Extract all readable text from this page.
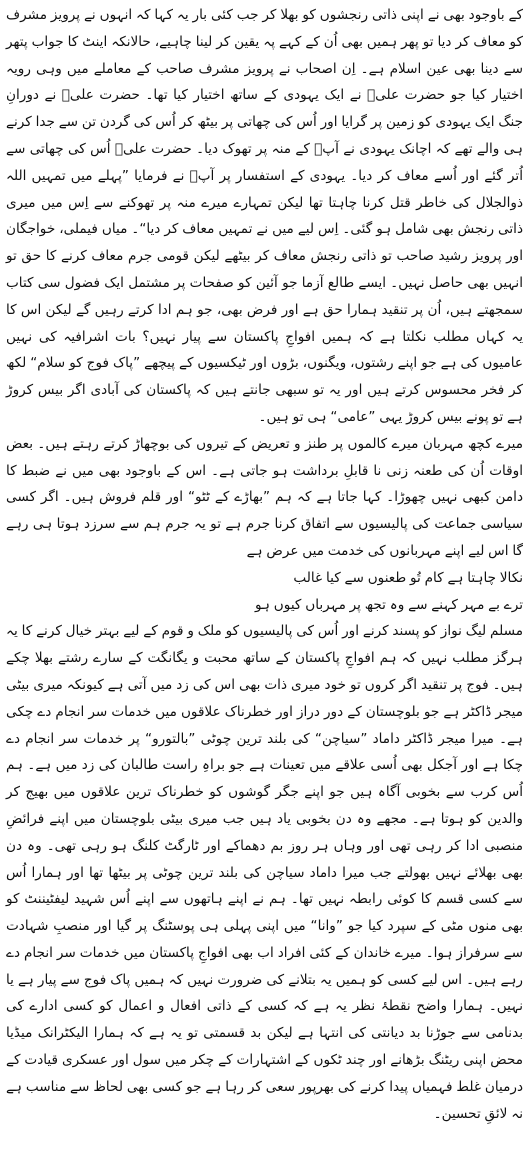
کے باوجود بھی نے اپنی ذاتی رنجشوں کو بھلا کر جب کئی بار یہ کہا کہ انہوں نے پرویز مشرف کو معاف کر دیا تو پھر ہمیں بھی اُن کے کہے پہ یقین کر لینا چاہیے، حالانکہ اینٹ کا جواب پتھر سے دینا بھی عین اسلام ہے۔ اِن اصحاب نے پرویز مشرف صاحب کے معاملے میں وہی رویہ اختیار کیا جو حضرت علیؓ نے ایک یہودی کے ساتھ اختیار کیا تھا۔ حضرت علیؓ نے دورانِ جنگ ایک یہودی کو زمین پر گرایا اور اُس کی چھاتی پر بیٹھ کر اُس کی گردن تن سے جدا کرنے ہی والے تھے کہ اچانک یہودی نے آپؓ کے منہ پر تھوک دیا۔ حضرت علیؓ اُس کی چھاتی سے اُتر گئے اور اُسے معاف کر دیا۔ یہودی کے استفسار پر آپؓ نے فرمایا ”پہلے میں تمہیں اللہ ذوالجلال کی خاطر قتل کرنا چاہتا تھا لیکن تمہارے میرے منہ پر تھوکنے سے اِس میں میری ذاتی رنجش بھی شامل ہو گئی۔ اِس لیے میں نے تمہیں معاف کر دیا“۔ میاں فیملی، خواجگان اور پرویز رشید صاحب تو ذاتی رنجش معاف کر بیٹھے لیکن قومی جرم معاف کرنے کا حق تو انہیں بھی حاصل نہیں۔ ایسے طالع آزما جو آئین کو صفحات پر مشتمل ایک فضول سی کتاب سمجھتے ہیں، اُن پر تنقید ہمارا حق ہے اور فرض بھی، جو ہم ادا کرتے رہیں گے لیکن اس کا یہ کہاں مطلب نکلتا ہے کہ ہمیں افواجِ پاکستان سے پیار نہیں؟ بات اشرافیہ کی نہیں عامیوں کی ہے جو اپنے رشتوں، ویگنوں، بڑوں اور ٹیکسیوں کے پیچھے ”پاک فوج کو سلام“ لکھ کر فخر محسوس کرتے ہیں اور یہ تو سبھی جانتے ہیں کہ پاکستان کی آبادی اگر بیس کروڑ ہے تو پونے بیس کروڑ یہی ”عامی“ ہی تو ہیں۔

میرے کچھ مہربان میرے کالموں پر طنز و تعریض کے تیروں کی بوچھاڑ کرتے رہتے ہیں۔ بعض اوقات اُن کی طعنہ زنی نا قابلِ برداشت ہو جاتی ہے۔ اس کے باوجود بھی میں نے ضبط کا دامن کبھی نہیں چھوڑا۔ کہا جاتا ہے کہ ہم ”بھاڑے کے ٹٹو“ اور قلم فروش ہیں۔ اگر کسی سیاسی جماعت کی پالیسیوں سے اتفاق کرنا جرم ہے تو یہ جرم ہم سے سرزد ہوتا ہی رہے گا اس لیے اپنے مہربانوں کی خدمت میں عرض ہے

نکالا چاہتا ہے کام تُو طعنوں سے کیا غالب
ترے بے مہر کہنے سے وہ تجھ پر مہرباں کیوں ہو

مسلم لیگ نواز کو پسند کرنے اور اُس کی پالیسیوں کو ملک و قوم کے لیے بہتر خیال کرنے کا یہ ہرگز مطلب نہیں کہ ہم افواجِ پاکستان کے ساتھ محبت و یگانگت کے سارے رشتے بھلا چکے ہیں۔ فوج پر تنقید اگر کروں تو خود میری ذات بھی اس کی زد میں آتی ہے کیونکہ میری بیٹی میجر ڈاکٹر ہے جو بلوچستان کے دور دراز اور خطرناک علاقوں میں خدمات سر انجام دے چکی ہے۔ میرا میجر ڈاکٹر داماد ”سیاچن“ کی بلند ترین چوٹی ”بالتورو“ پر خدمات سر انجام دے چکا ہے اور آجکل بھی اُسی علاقے میں تعینات ہے جو براہِ راست طالبان کی زد میں ہے۔ ہم اُس کرب سے بخوبی آگاہ ہیں جو اپنے جگر گوشوں کو خطرناک ترین علاقوں میں بھیج کر والدین کو ہوتا ہے۔ مجھے وہ دن بخوبی یاد ہیں جب میری بیٹی بلوچستان میں اپنے فرائضِ منصبی ادا کر رہی تھی اور وہاں ہر روز بم دھماکے اور ٹارگٹ کلنگ ہو رہی تھی۔ وہ دن بھی بھلائے نہیں بھولتے جب میرا داماد سیاچن کی بلند ترین چوٹی پر بیٹھا تھا اور ہمارا اُس سے کسی قسم کا کوئی رابطہ نہیں تھا۔ ہم نے اپنے ہاتھوں سے اپنے اُس شہید لیفٹیننٹ کو بھی منوں مٹی کے سپرد کیا جو ”وانا“ میں اپنی پہلی ہی پوسٹنگ پر گیا اور منصبِ شہادت سے سرفراز ہوا۔ میرے خاندان کے کئی افراد اب بھی افواجِ پاکستان میں خدمات سر انجام دے رہے ہیں۔ اس لیے کسی کو ہمیں یہ بتلانے کی ضرورت نہیں کہ ہمیں پاک فوج سے پیار ہے یا نہیں۔ ہمارا واضح نقطۂ نظر یہ ہے کہ کسی کے ذاتی افعال و اعمال کو کسی ادارے کی بدنامی سے جوڑنا بد دیانتی کی انتہا ہے لیکن بد قسمتی تو یہ ہے کہ ہمارا الیکٹرانک میڈیا محض اپنی ریٹنگ بڑھانے اور چند ٹکوں کے اشتہارات کے چکر میں سول اور عسکری قیادت کے درمیان غلط فہمیاں پیدا کرنے کی بھرپور سعی کر رہا ہے جو کسی بھی لحاظ سے مناسب ہے نہ لائقِ تحسین۔
